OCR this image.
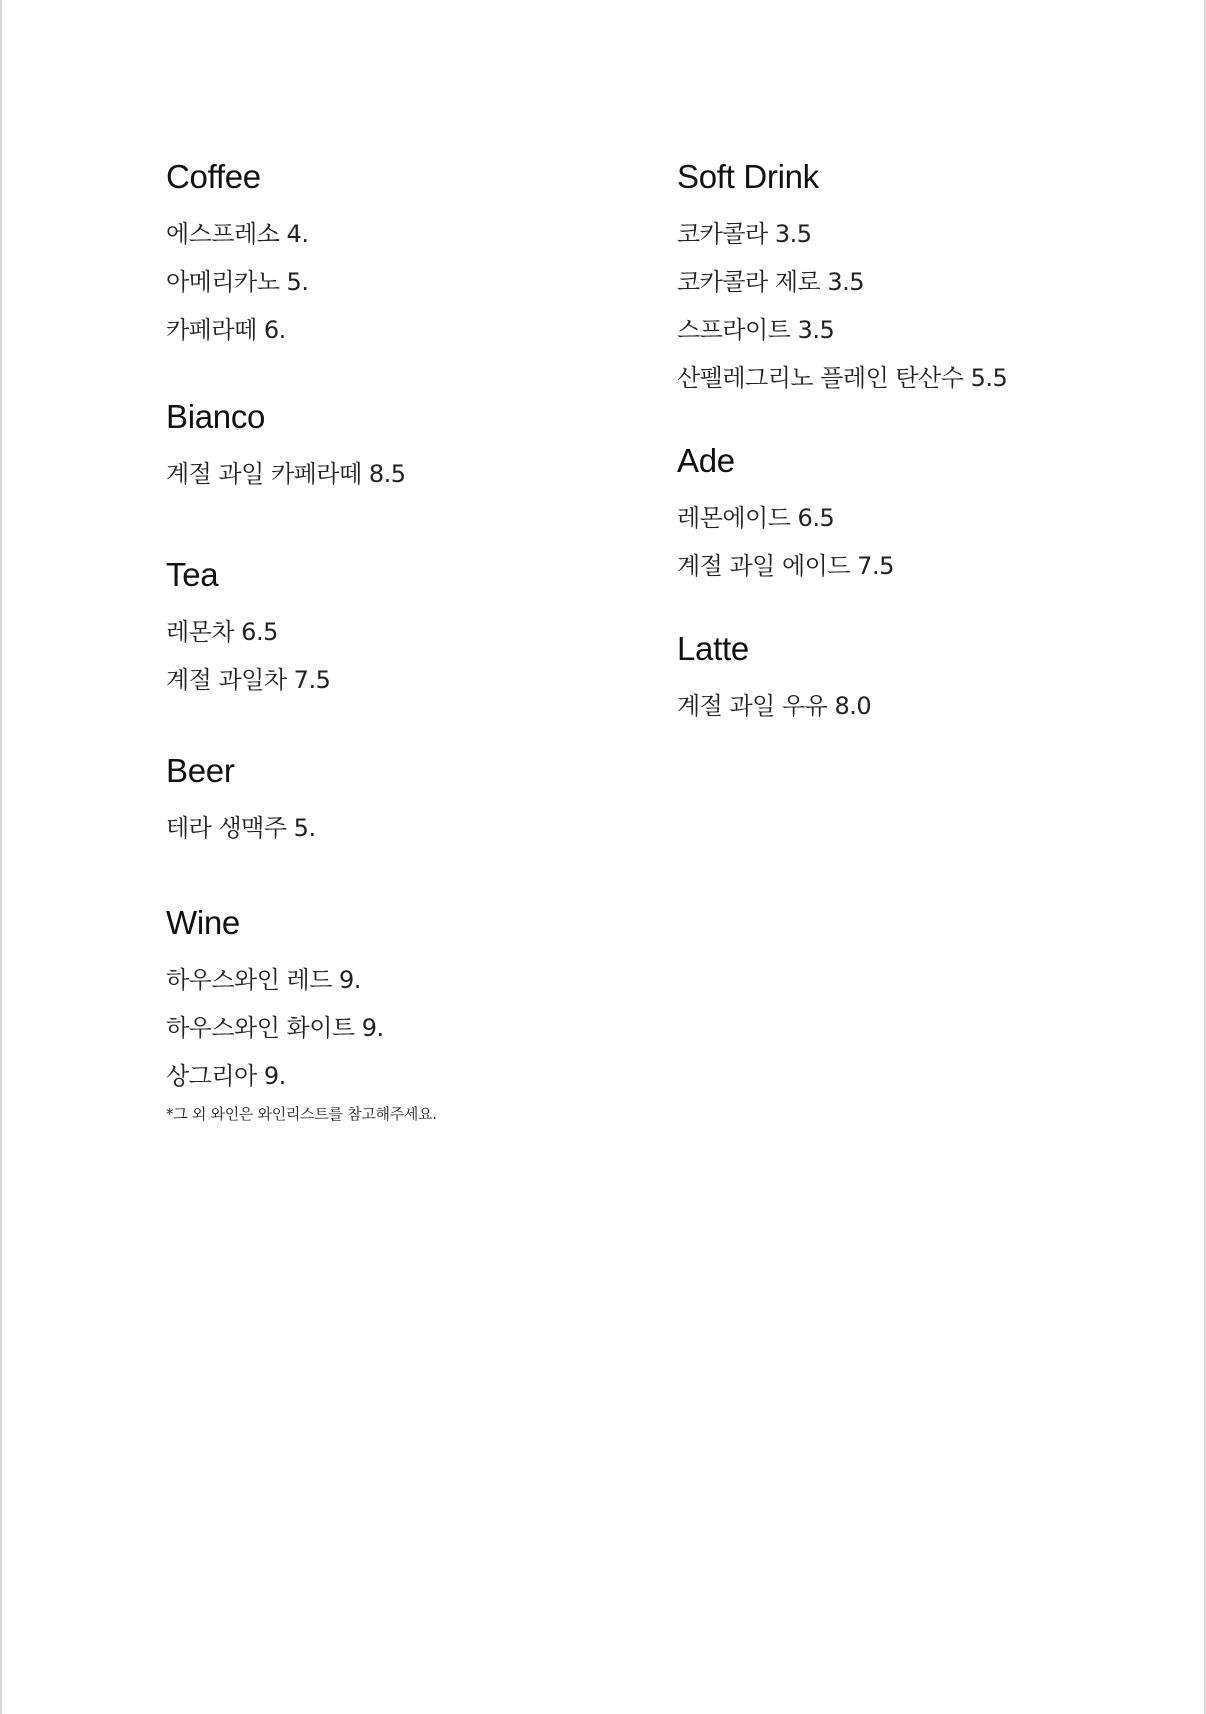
Coffee
에스프레소 4.
아메리카노 5.
카페라떼 6.
Bianco
계절 과일 카페라떼 8.5
Tea
레몬차 6.5
계절 과일차 7.5
Beer
테라 생맥주 5.
Wine
하우스와인 레드 9.
하우스와인 화이트 9.
상그리아 9.
*그 외 와인은 와인리스트를 참고해주세요.
Soft Drink
코카콜라 3.5
코카콜라 제로 3.5
스프라이트 3.5
산펠레그리노 플레인 탄산수 5.5
Ade
레몬에이드 6.5
계절 과일 에이드 7.5
Latte
계절 과일 우유 8.0
